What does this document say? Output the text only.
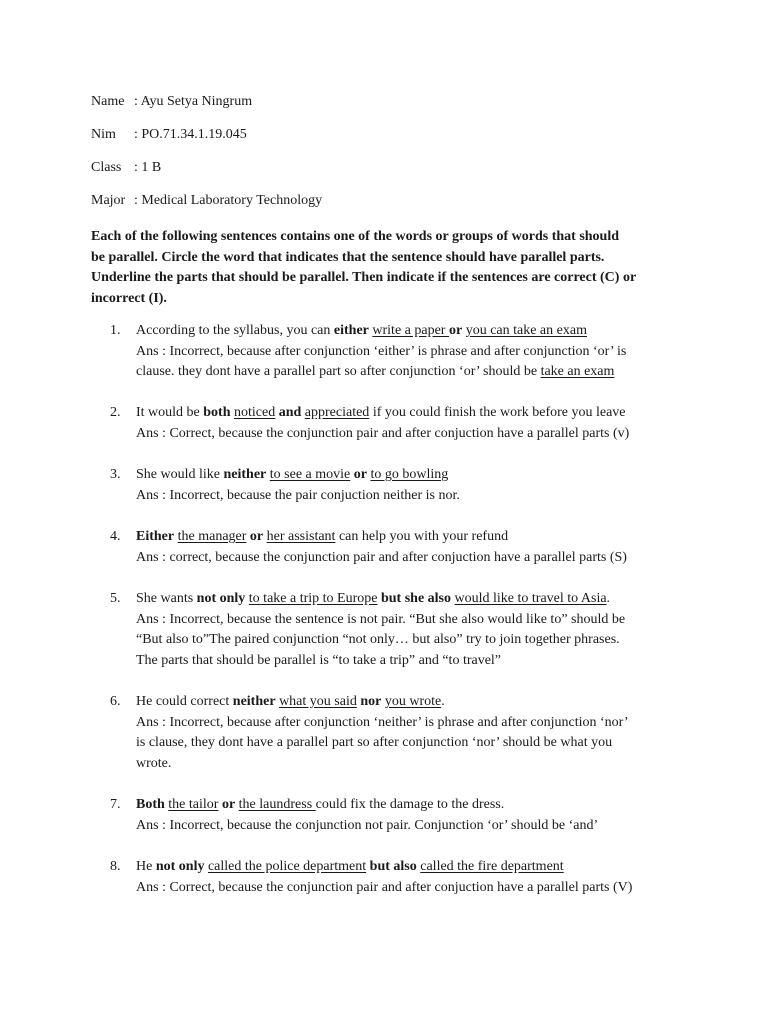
Name : Ayu Setya Ningrum
Nim	: PO.71.34.1.19.045
Class : 1 B
Major : Medical Laboratory Technology
Each of the following sentences contains one of the words or groups of words that should
be parallel. Circle the word that indicates that the sentence should have parallel parts.
Underline the parts that should be parallel. Then indicate if the sentences are correct (C) or
incorrect (I).
1.	According to the syllabus, you can either write a paper or you can take an exam
Ans : Incorrect, because after conjunction ‘either’ is phrase and after conjunction ‘or’ is
clause. they dont have a parallel part so after conjunction ‘or’ should be take an exam
2.	It would be both noticed and appreciated if you could finish the work before you leave
Ans : Correct, because the conjunction pair and after conjuction have a parallel parts (v)
3.	She would like neither to see a movie or to go bowling
Ans : Incorrect, because the pair conjuction neither is nor.
4.	Either the manager or her assistant can help you with your refund
Ans : correct, because the conjunction pair and after conjuction have a parallel parts (S)
5.	She wants not only to take a trip to Europe but she also would like to travel to Asia.
Ans : Incorrect, because the sentence is not pair. “But she also would like to” should be
“But also to”The paired conjunction “not only… but also” try to join together phrases.
The parts that should be parallel is “to take a trip” and “to travel”
6.	He could correct neither what you said nor you wrote.
Ans : Incorrect, because after conjunction ‘neither’ is phrase and after conjunction ‘nor’
is clause, they dont have a parallel part so after conjunction ‘nor’ should be what you
wrote.
7.	Both the tailor or the laundress could fix the damage to the dress.
Ans : Incorrect, because the conjunction not pair. Conjunction ‘or’ should be ‘and’
8.	He not only called the police department but also called the fire department
Ans : Correct, because the conjunction pair and after conjuction have a parallel parts (V)
